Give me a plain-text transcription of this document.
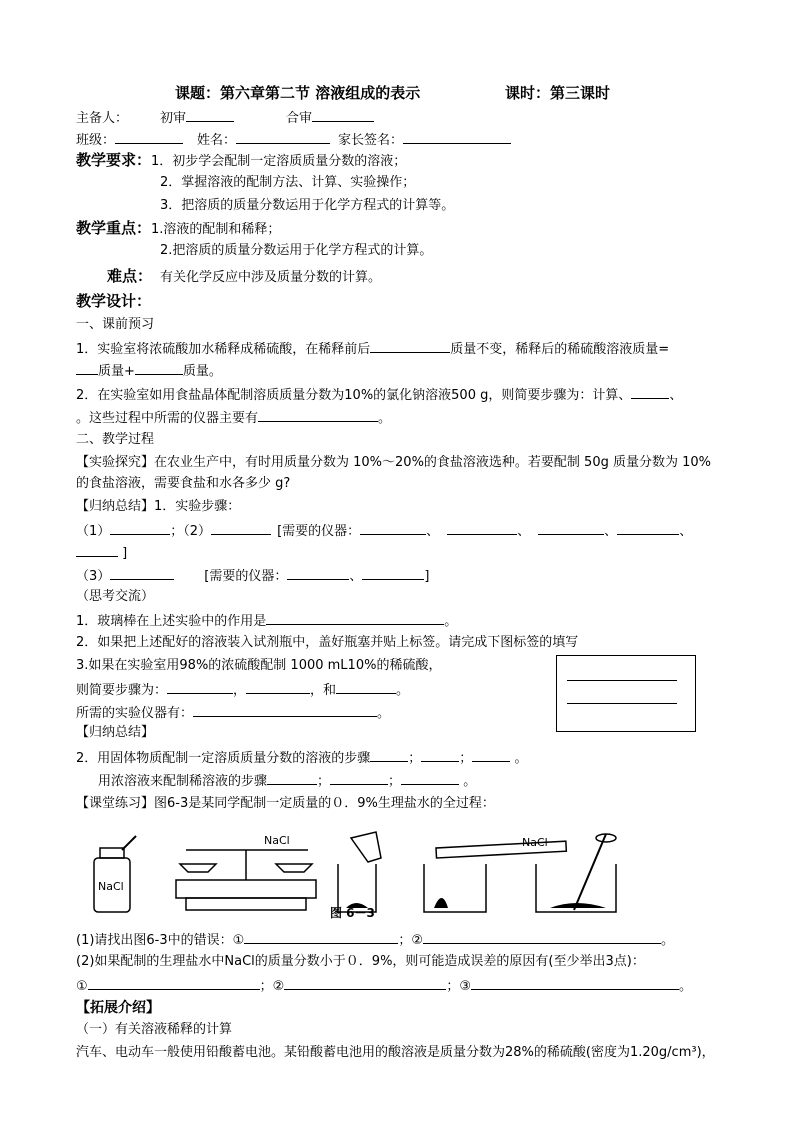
课题：第六章第二节 溶液组成的表示	课时：第三课时
主备人： 初审	合审
班级：	姓名：	家长签名：
教学要求：1．初步学会配制一定溶质质量分数的溶液；
2．掌握溶液的配制方法、计算、实验操作；
3．把溶质的质量分数运用于化学方程式的计算等。
教学重点：1.溶液的配制和稀释；
2.把溶质的质量分数运用于化学方程式的计算。
难点： 有关化学反应中涉及质量分数的计算。
教学设计：
一、课前预习
1．实验室将浓硫酸加水稀释成稀硫酸，在稀释前后	质量不变，稀释后的稀硫酸溶液质量=
质量+	质量。
2．在实验室如用食盐晶体配制溶质质量分数为10%的氯化钠溶液500 g，则简要步骤为：计算、	、
。这些过程中所需的仪器主要有	。
二、教学过程
【实验探究】在农业生产中，有时用质量分数为 10%～20%的食盐溶液选种。若要配制 50g 质量分数为 10%
的食盐溶液，需要食盐和水各多少 g?
【归纳总结】1．实验步骤：
（1）	；（2）	[需要的仪器：	、	、	、	、
]
（3）	[需要的仪器：	、	]
（思考交流）
1．玻璃棒在上述实验中的作用是	。
2．如果把上述配好的溶液装入试剂瓶中，盖好瓶塞并贴上标签。请完成下图标签的填写
3.如果在实验室用98%的浓硫酸配制 1000 mL10%的稀硫酸，
则简要步骤为：	，	，和	。
所需的实验仪器有：	。
【归纳总结】
2．用固体物质配制一定溶质质量分数的溶液的步骤	；	；	。
用浓溶液来配制稀溶液的步骤	；	；	。
【课堂练习】图6-3是某同学配制一定质量的０．9%生理盐水的全过程：
NaCl
NaCl	NaCl
图 6－3
(1)请找出图6-3中的错误：①	；②	。
(2)如果配制的生理盐水中NaCl的质量分数小于０．9%，则可能造成误差的原因有(至少举出3点)：
①	；②	；③	。
【拓展介绍】
（一）有关溶液稀释的计算
汽车、电动车一般使用铅酸蓄电池。某铅酸蓄电池用的酸溶液是质量分数为28%的稀硫酸(密度为1.20g/cm³)，
